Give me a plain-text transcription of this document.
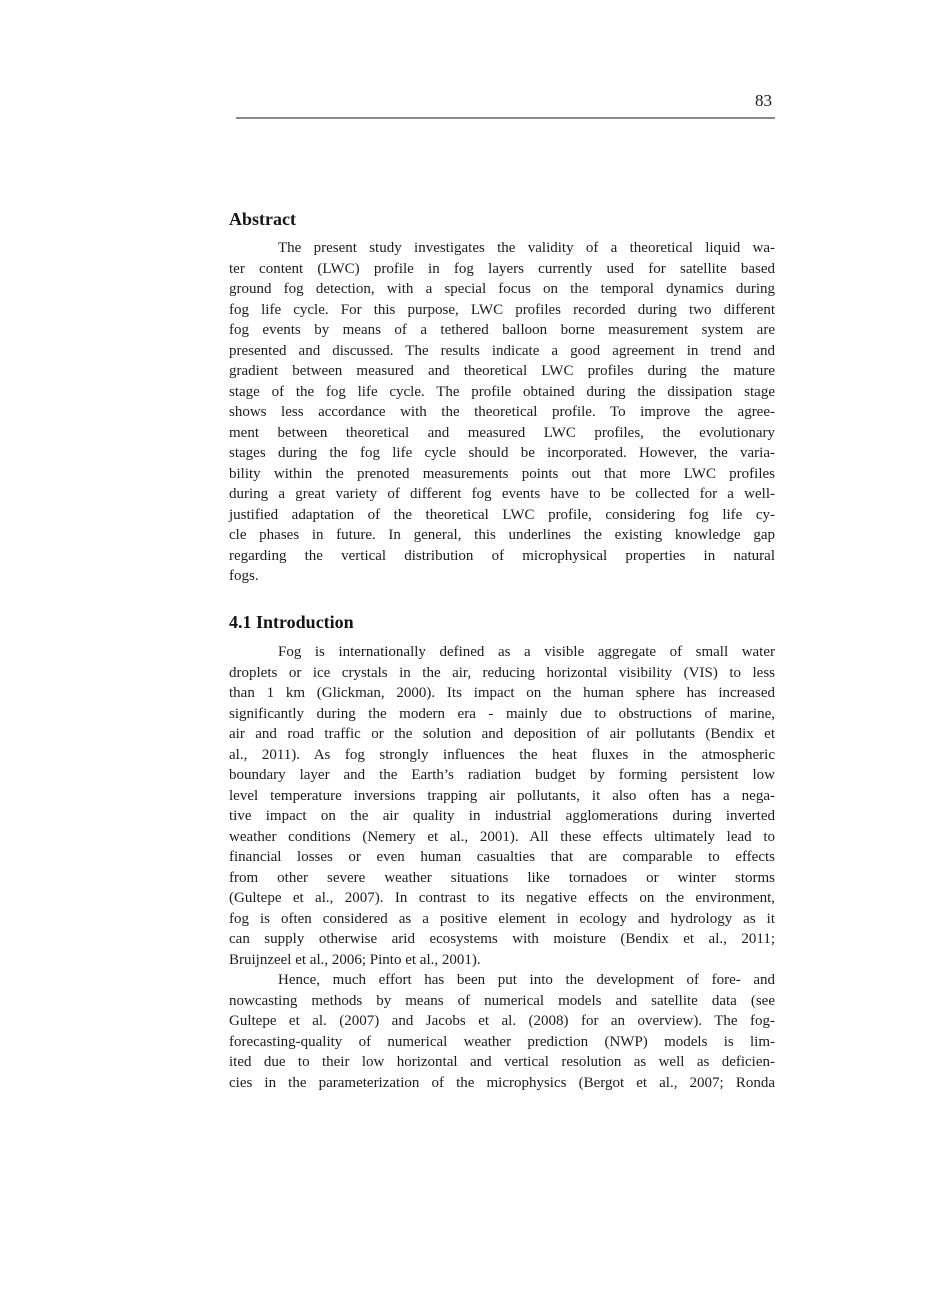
83
Abstract
The present study investigates the validity of a theoretical liquid wa-
ter content (LWC) profile in fog layers currently used for satellite based
ground fog detection, with a special focus on the temporal dynamics during
fog life cycle. For this purpose, LWC profiles recorded during two different
fog events by means of a tethered balloon borne measurement system are
presented and discussed. The results indicate a good agreement in trend and
gradient between measured and theoretical LWC profiles during the mature
stage of the fog life cycle. The profile obtained during the dissipation stage
shows less accordance with the theoretical profile. To improve the agree-
ment between theoretical and measured LWC profiles, the evolutionary
stages during the fog life cycle should be incorporated. However, the varia-
bility within the prenoted measurements points out that more LWC profiles
during a great variety of different fog events have to be collected for a well-
justified adaptation of the theoretical LWC profile, considering fog life cy-
cle phases in future. In general, this underlines the existing knowledge gap
regarding the vertical distribution of microphysical properties in natural
fogs.
4.1 Introduction
Fog is internationally defined as a visible aggregate of small water
droplets or ice crystals in the air, reducing horizontal visibility (VIS) to less
than 1 km (Glickman, 2000). Its impact on the human sphere has increased
significantly during the modern era - mainly due to obstructions of marine,
air and road traffic or the solution and deposition of air pollutants (Bendix et
al., 2011). As fog strongly influences the heat fluxes in the atmospheric
boundary layer and the Earth’s radiation budget by forming persistent low
level temperature inversions trapping air pollutants, it also often has a nega-
tive impact on the air quality in industrial agglomerations during inverted
weather conditions (Nemery et al., 2001). All these effects ultimately lead to
financial losses or even human casualties that are comparable to effects
from other severe weather situations like tornadoes or winter storms
(Gultepe et al., 2007). In contrast to its negative effects on the environment,
fog is often considered as a positive element in ecology and hydrology as it
can supply otherwise arid ecosystems with moisture (Bendix et al., 2011;
Bruijnzeel et al., 2006; Pinto et al., 2001).
Hence, much effort has been put into the development of fore- and
nowcasting methods by means of numerical models and satellite data (see
Gultepe et al. (2007) and Jacobs et al. (2008) for an overview). The fog-
forecasting-quality of numerical weather prediction (NWP) models is lim-
ited due to their low horizontal and vertical resolution as well as deficien-
cies in the parameterization of the microphysics (Bergot et al., 2007; Ronda
